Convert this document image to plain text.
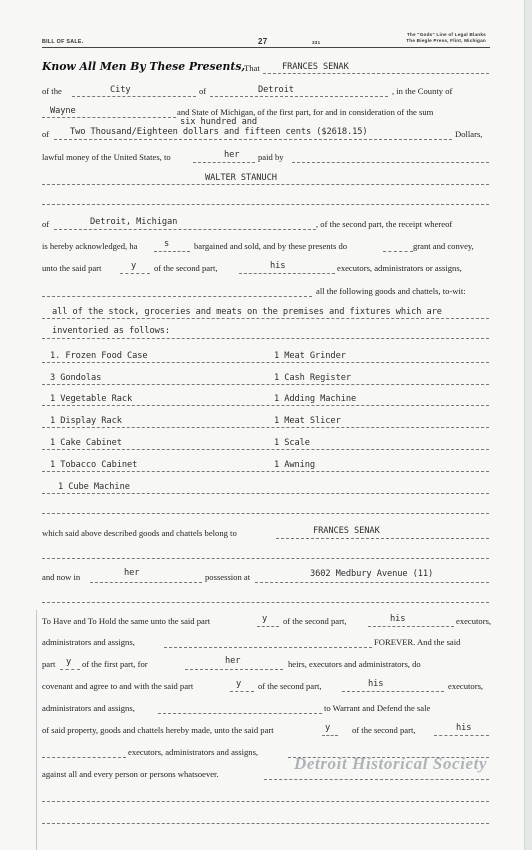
BILL OF SALE.	27	331
The "Gods" Line of Legal Blanks
The Biegle Press, Flint, Michigan
Know All Men By These Presents,
That	FRANCES SENAK
of the	City	of	Detroit	, in the County of
Wayne	and State of Michigan, of the first part, for and in consideration of the sum
six hundred and
of Two Thousand/Eighteen dollars and fifteen cents ($2618.15)	Dollars,
lawful money of the United States, to	her paid by
WALTER STANUCH
of	Detroit, Michigan	, of the second part, the receipt whereof
is hereby acknowledged, ha	s	bargained and sold, and by these presents do	grant and convey,
unto the said part	y of the second part,	his	executors, administrators or assigns,
all the following goods and chattels, to-wit:
all of the stock, groceries and meats on the premises and fixtures which are
inventoried as follows:
1. Frozen Food Case	1 Meat Grinder
3 Gondolas	1 Cash Register
1 Vegetable Rack	1 Adding Machine
1 Display Rack	1 Meat Slicer
1 Cake Cabinet	1 Scale
1 Tobacco Cabinet	1 Awning
1 Cube Machine
which said above described goods and chattels belong to	FRANCES SENAK
and now in	her	possession at	3602 Medbury Avenue (11)
To Have and To Hold the same unto the said part	y of the second part,	his	executors,
administrators and assigns,	FOREVER. And the said
part y of the first part, for	her	heirs, executors and administrators, do
covenant and agree to and with the said part	y of the second part,	his	executors,
administrators and assigns,	to Warrant and Defend the sale
of said property, goods and chattels hereby made, unto the said part	y	of the second part,	his
executors, administrators and assigns,
against all and every person or persons whatsoever.
Detroit Historical Society
